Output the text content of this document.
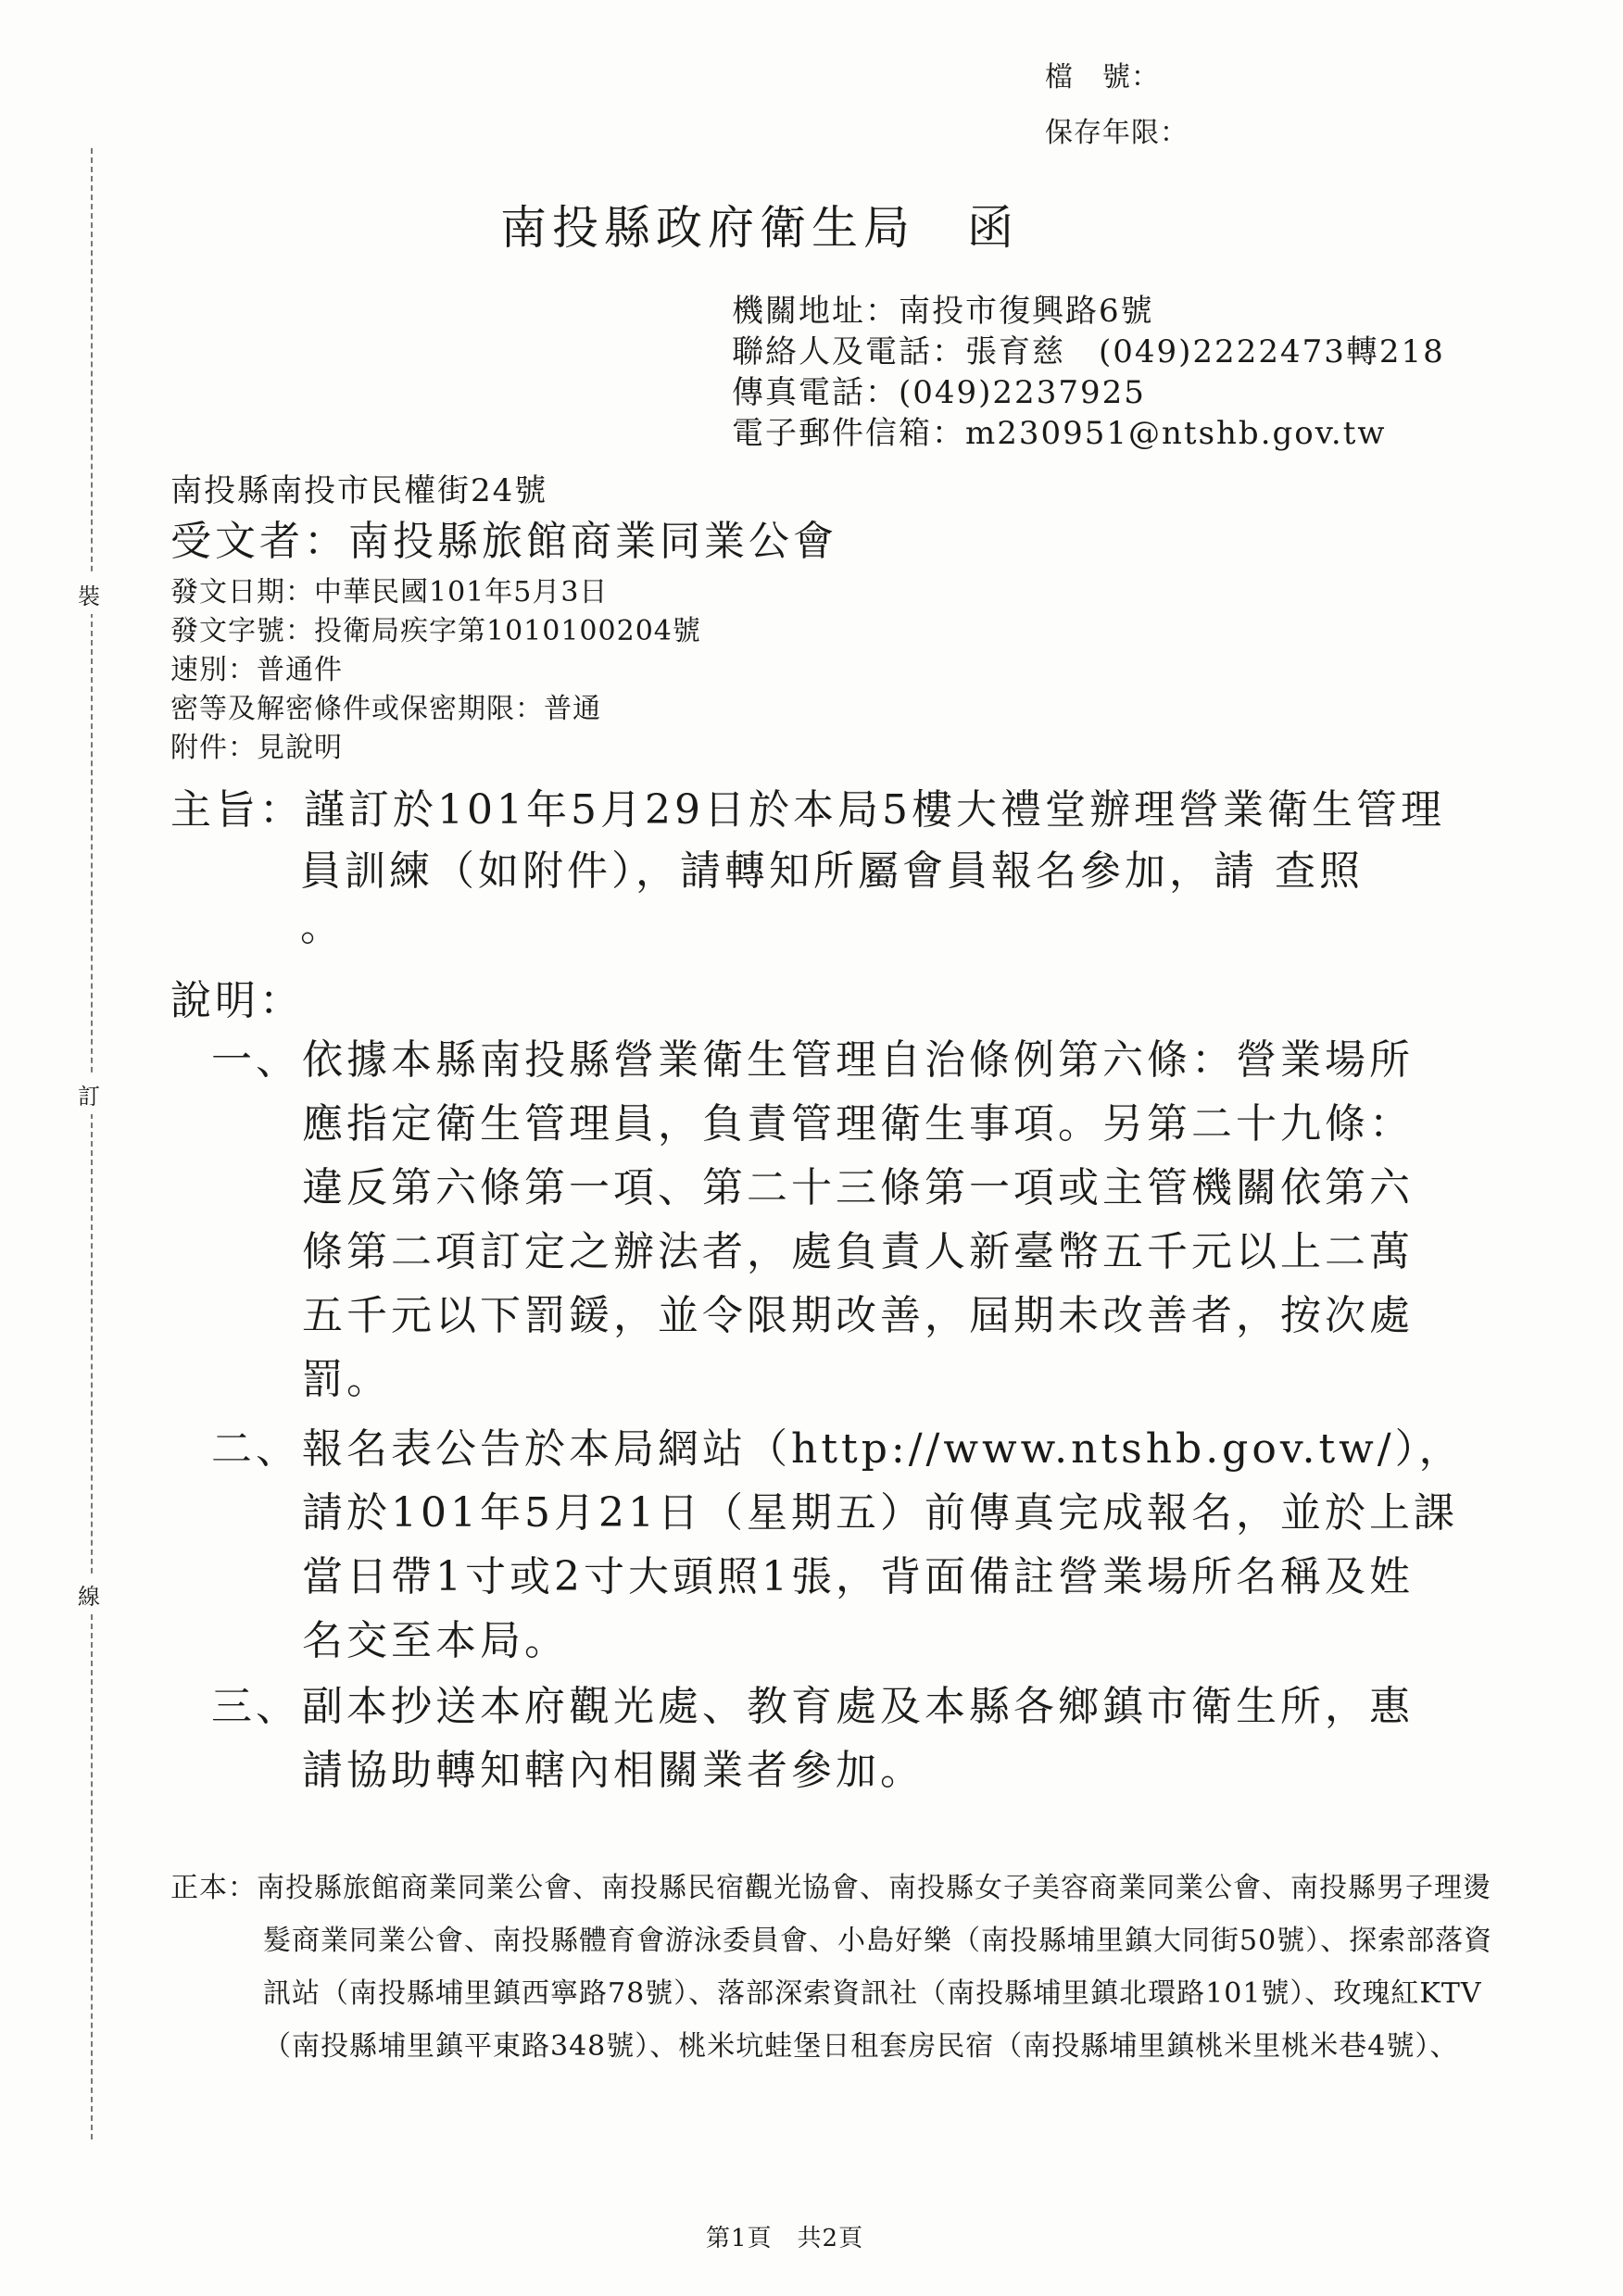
裝
訂
線
檔　號：
保存年限：
南投縣政府衛生局　函
機關地址：南投市復興路6號
聯絡人及電話：張育慈　(049)2222473轉218
傳真電話：(049)2237925
電子郵件信箱：m230951@ntshb.gov.tw
南投縣南投市民權街24號
受文者：南投縣旅館商業同業公會
發文日期：中華民國101年5月3日
發文字號：投衛局疾字第1010100204號
速別：普通件
密等及解密條件或保密期限：普通
附件：見說明
主旨：謹訂於101年5月29日於本局5樓大禮堂辦理營業衛生管理
員訓練（如附件），請轉知所屬會員報名參加，請 查照
。
說明：
一、 依據本縣南投縣營業衛生管理自治條例第六條：營業場所
應指定衛生管理員，負責管理衛生事項。另第二十九條：
違反第六條第一項、第二十三條第一項或主管機關依第六
條第二項訂定之辦法者，處負責人新臺幣五千元以上二萬
五千元以下罰鍰，並令限期改善，屆期未改善者，按次處
罰。
二、 報名表公告於本局網站（http://www.ntshb.gov.tw/），
請於101年5月21日（星期五）前傳真完成報名，並於上課
當日帶1寸或2寸大頭照1張，背面備註營業場所名稱及姓
名交至本局。
三、 副本抄送本府觀光處、教育處及本縣各鄉鎮市衛生所，惠
請協助轉知轄內相關業者參加。
正本：南投縣旅館商業同業公會、南投縣民宿觀光協會、南投縣女子美容商業同業公會、南投縣男子理燙髮商業同業公會、南投縣體育會游泳委員會、小島好樂（南投縣埔里鎮大同街50號）、探索部落資訊站（南投縣埔里鎮西寧路78號）、落部深索資訊社（南投縣埔里鎮北環路101號）、玫瑰紅KTV（南投縣埔里鎮平東路348號）、桃米坑蛙堡日租套房民宿（南投縣埔里鎮桃米里桃米巷4號）、
第1頁　共2頁
